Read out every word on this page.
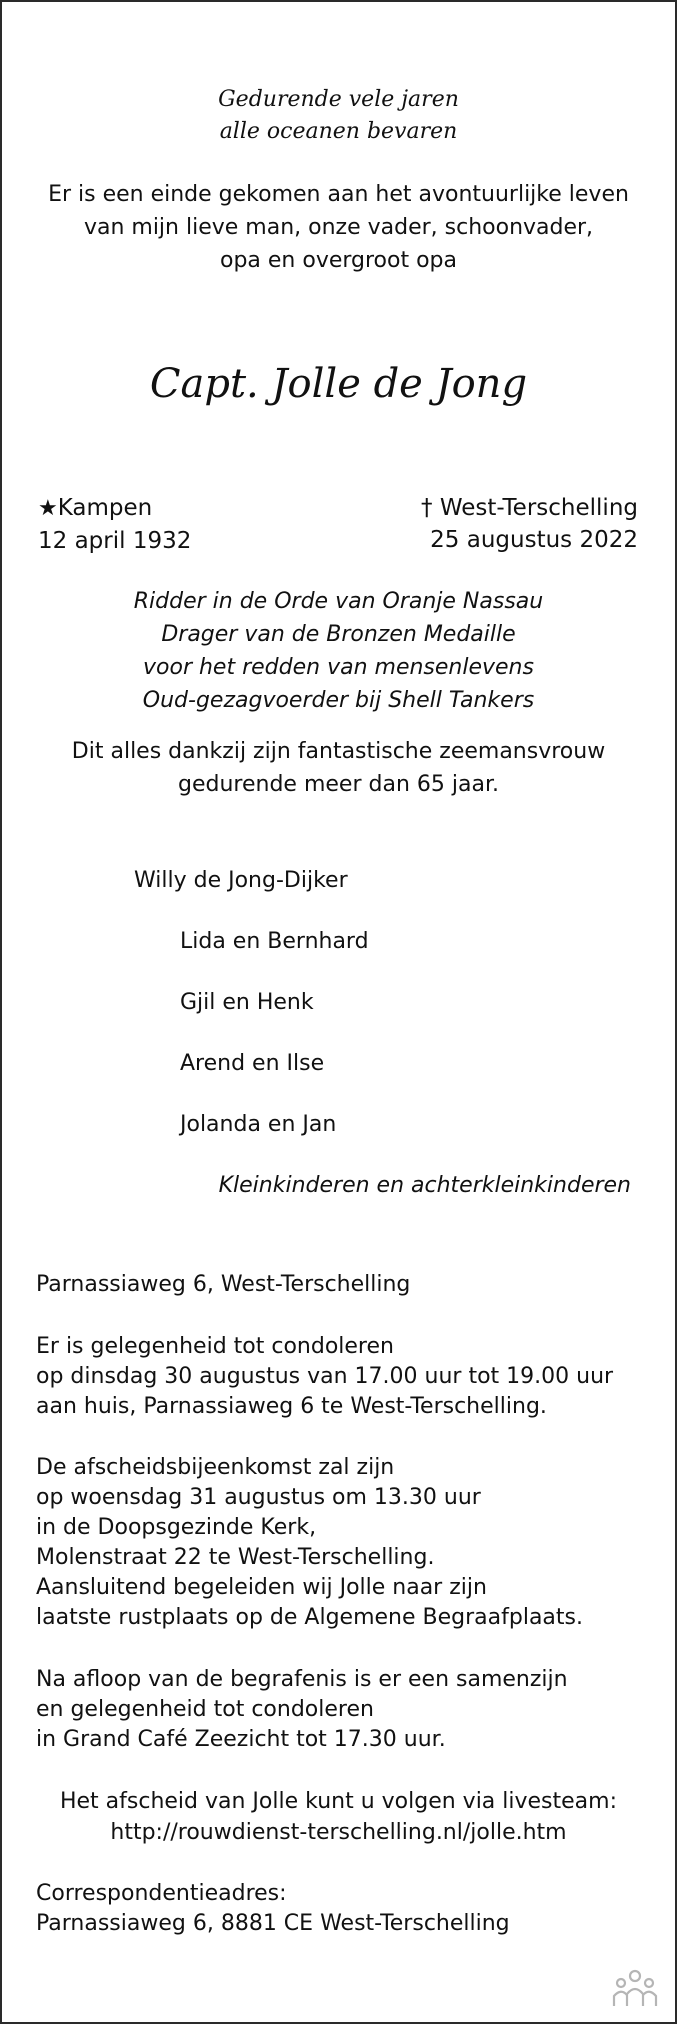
Gedurende vele jaren
alle oceanen bevaren
Er is een einde gekomen aan het avontuurlijke leven
van mijn lieve man, onze vader, schoonvader,
opa en overgroot opa
Capt. Jolle de Jong
★Kampen
12 april 1932
† West-Terschelling
25 augustus 2022
Ridder in de Orde van Oranje Nassau
Drager van de Bronzen Medaille
voor het redden van mensenlevens
Oud-gezagvoerder bij Shell Tankers
Dit alles dankzij zijn fantastische zeemansvrouw
gedurende meer dan 65 jaar.
Willy de Jong-Dijker
Lida en Bernhard
Gjil en Henk
Arend en Ilse
Jolanda en Jan
Kleinkinderen en achterkleinkinderen
Parnassiaweg 6, West-Terschelling
Er is gelegenheid tot condoleren
op dinsdag 30 augustus van 17.00 uur tot 19.00 uur
aan huis, Parnassiaweg 6 te West-Terschelling.
De afscheidsbijeenkomst zal zijn
op woensdag 31 augustus om 13.30 uur
in de Doopsgezinde Kerk,
Molenstraat 22 te West-Terschelling.
Aansluitend begeleiden wij Jolle naar zijn
laatste rustplaats op de Algemene Begraafplaats.
Na afloop van de begrafenis is er een samenzijn
en gelegenheid tot condoleren
in Grand Café Zeezicht tot 17.30 uur.
Het afscheid van Jolle kunt u volgen via livesteam:
http://rouwdienst-terschelling.nl/jolle.htm
Correspondentieadres:
Parnassiaweg 6, 8881 CE West-Terschelling
